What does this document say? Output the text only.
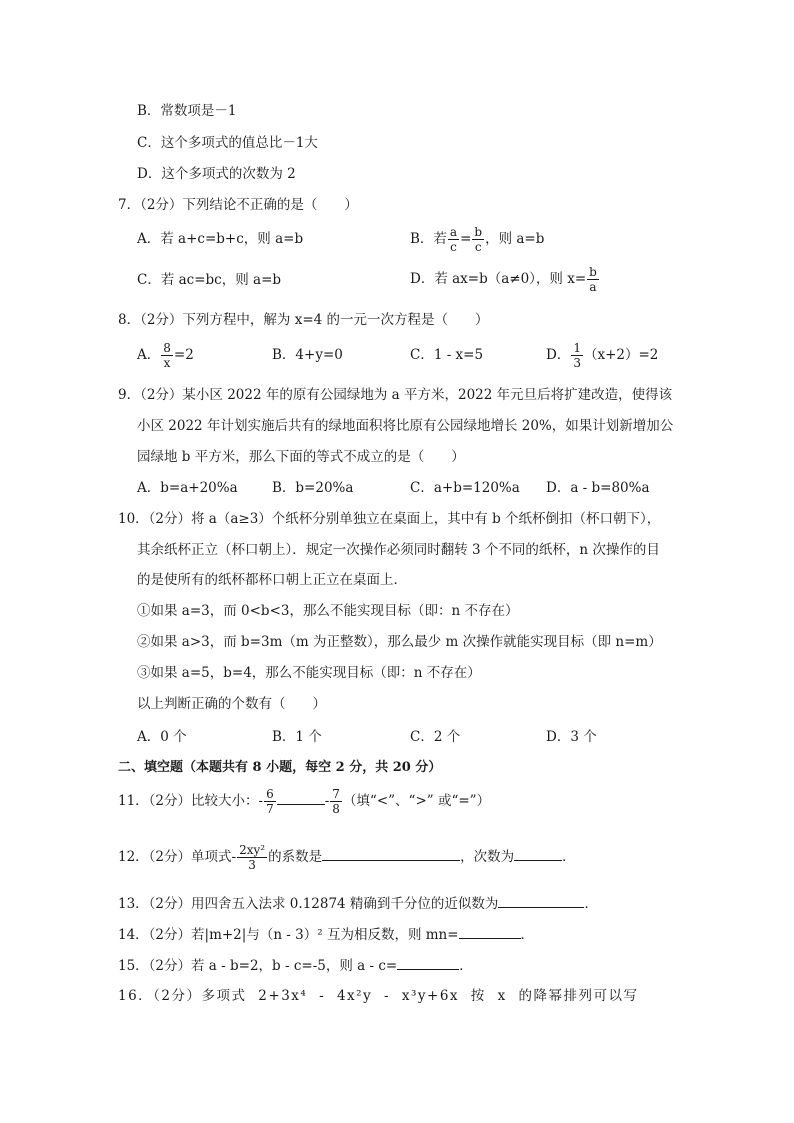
B．常数项是－1
C．这个多项式的值总比－1大
D．这个多项式的次数为 2
7．（2分）下列结论不正确的是（　　）
A．若 a+c=b+c，则 a=b	B．若 $\frac{a}{c} = \frac{b}{c}$ ，则 a=b
C．若 ac=bc，则 a=b	D．若 ax=b（a≠0），则 $x= \frac{b}{a}$
8．（2分）下列方程中，解为 x=4 的一元一次方程是（　　）
A． $\frac{8}{x} =2$	B．4+y=0	C．1 - x=5	D． $\frac{1}{3} (x+2)=2$
9．（2分）某小区 2022 年的原有公园绿地为 a 平方米，2022 年元旦后将扩建改造，使得该
小区 2022 年计划实施后共有的绿地面积将比原有公园绿地增长 20%，如果计划新增加公
园绿地 b 平方米，那么下面的等式不成立的是（　　）
A．b=a+20%a	B．b=20%a	C．a+b=120%a D．a - b=80%a
10．（2分）将 a（a≥3）个纸杯分别单独立在桌面上，其中有 b 个纸杯倒扣（杯口朝下），
其余纸杯正立（杯口朝上）．规定一次操作必须同时翻转 3 个不同的纸杯，n 次操作的目
的是使所有的纸杯都杯口朝上正立在桌面上．
①如果 a=3，而 0<b<3，那么不能实现目标（即：n 不存在）
②如果 a>3，而 b=3m（m 为正整数），那么最少 m 次操作就能实现目标（即 n=m）
③如果 a=5，b=4，那么不能实现目标（即：n 不存在）
以上判断正确的个数有（　　）
A．0 个	B．1 个	C．2 个	D．3 个
二、填空题（本题共有 8 小题，每空 2 分，共 20 分）
11．（2分）比较大小：- $\frac{6}{7}$	- $\frac{7}{8}$ （填“<”、“>” 或“=”）
12．（2分）单项式- $\frac{\text{2xy²}}{3}$ 的系数是	，次数为	．
13．（2分）用四舍五入法求 0.12874 精确到千分位的近似数为	．
14．（2分）若|m+2|与（n - 3）² 互为相反数，则 mn=	．
15．（2分）若 a - b=2，b - c=-5，则 a - c=	．
16．（2分）多项式 2+3x⁴ - 4x²y - x³y+6x 按 x 的降幂排列可以写
